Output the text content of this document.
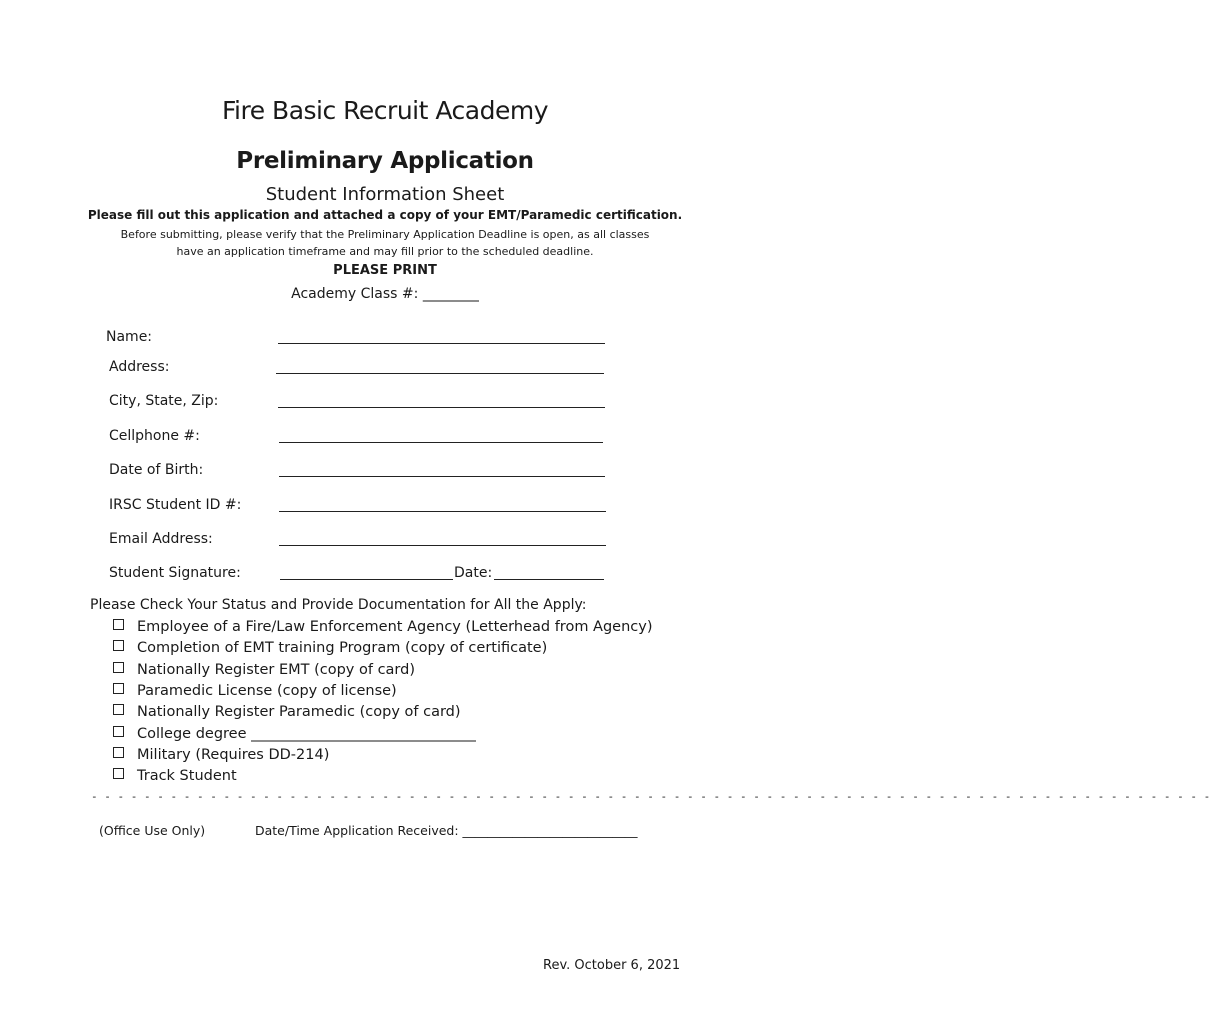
Fire Basic Recruit Academy
Preliminary Application
Student Information Sheet
Please fill out this application and attached a copy of your EMT/Paramedic certification.
Before submitting, please verify that the Preliminary Application Deadline is open, as all classes
have an application timeframe and may fill prior to the scheduled deadline.
PLEASE PRINT
Academy Class #: ________
Name:
Address:
City, State, Zip:
Cellphone #:
Date of Birth:
IRSC Student ID #:
Email Address:
Student Signature:	Date:
Please Check Your Status and Provide Documentation for All the Apply:
Employee of a Fire/Law Enforcement Agency (Letterhead from Agency)
Completion of EMT training Program (copy of certificate)
Nationally Register EMT (copy of card)
Paramedic License (copy of license)
Nationally Register Paramedic (copy of card)
College degree _______________________________
Military (Requires DD-214)
Track Student
- - - - - - - - - - - - - - - - - - - - - - - - - - - - - - - - - - - - - - - - - - - - - - - - - - - - - - - - - - - - - - - - - - - - - - - - - - - - - - - - - - - - -
(Office Use Only)	Date/Time Application Received: ____________________________
Rev. October 6, 2021
